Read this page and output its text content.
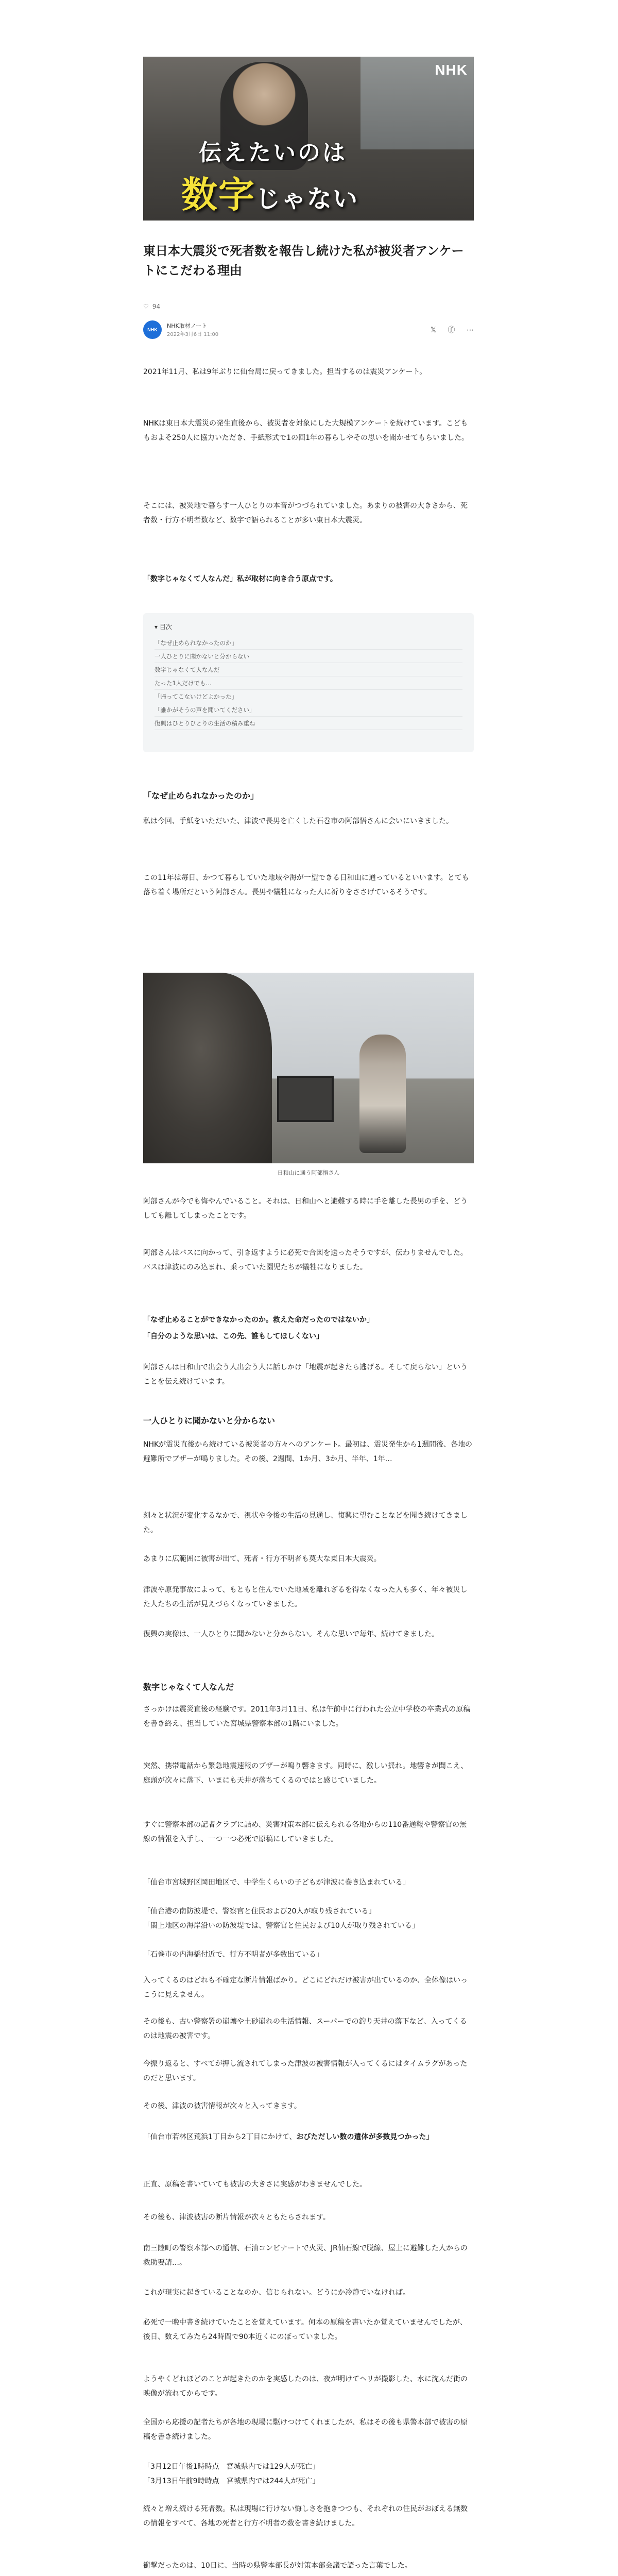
NHK
伝えたいのは
数字じゃない
東日本大震災で死者数を報告し続けた私が被災者アンケートにこだわる理由
♡ 94
NHK
NHK取材ノート
2022年3月6日 11:00
𝕏 ⓕ ⋯

2021年11月、私は9年ぶりに仙台局に戻ってきました。担当するのは震災アンケート。

NHKは東日本大震災の発生直後から、被災者を対象にした大規模アンケートを続けています。こどももおよそ250人に協力いただき、手紙形式で1の回1年の暮らしやその思いを聞かせてもらいました。

そこには、被災地で暮らす一人ひとりの本音がつづられていました。あまりの被害の大きさから、死者数・行方不明者数など、数字で語られることが多い東日本大震災。

「数字じゃなくて人なんだ」私が取材に向き合う原点です。

▾ 目次
「なぜ止められなかったのか」
一人ひとりに聞かないと分からない
数字じゃなくて人なんだ
たった1人だけでも…
「帰ってこないけどよかった」
「誰かがそうの声を聞いてください」
復興はひとりひとりの生活の積み重ね
「なぜ止められなかったのか」

私は今回、手紙をいただいた、津波で長男を亡くした石巻市の阿部悟さんに会いにいきました。

この11年は毎日、かつて暮らしていた地域や海が一望できる日和山に通っているといいます。とても落ち着く場所だという阿部さん。長男や犠牲になった人に祈りをささげているそうです。

日和山に通う阿部悟さん

阿部さんが今でも悔やんでいること。それは、日和山へと避難する時に手を離した長男の手を、どうしても離してしまったことです。

阿部さんはバスに向かって、引き返すように必死で合図を送ったそうですが、伝わりませんでした。バスは津波にのみ込まれ、乗っていた園児たちが犠牲になりました。

「なぜ止めることができなかったのか。救えた命だったのではないか」

「自分のような思いは、この先、誰もしてほしくない」

阿部さんは日和山で出会う人出会う人に話しかけ「地震が起きたら逃げる。そして戻らない」ということを伝え続けています。

一人ひとりに聞かないと分からない

NHKが震災直後から続けている被災者の方々へのアンケート。最初は、震災発生から1週間後、各地の避難所でブザーが鳴りました。その後、2週間、1か月、3か月、半年、1年…

刻々と状況が変化するなかで、視状や今後の生活の見通し、復興に望むことなどを聞き続けてきました。

あまりに広範囲に被害が出て、死者・行方不明者も莫大な東日本大震災。

津波や原発事故によって、もともと住んでいた地域を離れざるを得なくなった人も多く、年々被災した人たちの生活が見えづらくなっていきました。

復興の実像は、一人ひとりに聞かないと分からない。そんな思いで毎年、続けてきました。

数字じゃなくて人なんだ

さっかけは震災直後の経験です。2011年3月11日、私は午前中に行われた公立中学校の卒業式の原稿を書き終え、担当していた宮城県警察本部の1階にいました。

突然、携帯電話から緊急地震速報のブザーが鳴り響きます。同時に、激しい揺れ。地響きが聞こえ、庭頭が次々に落下、いまにも天井が落ちてくるのではと感じていました。

すぐに警察本部の記者クラブに詰め、災害対策本部に伝えられる各地からの110番通報や警察官の無線の情報を入手し、一つ一つ必死で原稿にしていきました。

「仙台市宮城野区岡田地区で、中学生くらいの子どもが津波に巻き込まれている」

「仙台港の南防波堤で、警察官と住民および20人が取り残されている」

「閖上地区の海岸沿いの防波堤では、警察官と住民および10人が取り残されている」

「石巻市の内海橋付近で、行方不明者が多数出ている」

入ってくるのはどれも不確定な断片情報ばかり。どこにどれだけ被害が出ているのか、全体像はいっこうに見えません。

その後も、古い警察署の崩壊や土砂崩れの生活情報、スーパーでの釣り天井の落下など、入ってくるのは地震の被害です。

今振り返ると、すべてが押し流されてしまった津波の被害情報が入ってくるにはタイムラグがあったのだと思います。

その後、津波の被害情報が次々と入ってきます。

「仙台市若林区荒浜1丁目から2丁目にかけて、おびただしい数の遺体が多数見つかった」

正直、原稿を書いていても被害の大きさに実感がわきませんでした。

その後も、津波被害の断片情報が次々ともたらされます。

南三陸町の警察本部への通信、石油コンビナートで火災、JR仙石線で脱線、屋上に避難した人からの救助要請…。

これが現実に起きていることなのか、信じられない。どうにか冷静でいなければ。

必死で一晩中書き続けていたことを覚えています。何本の原稿を書いたか覚えていませんでしたが、後日、数えてみたら24時間で90本近くにのぼっていました。

ようやくどれほどのことが起きたのかを実感したのは、夜が明けてヘリが撮影した、水に沈んだ街の映像が流れてからです。

全国から応援の記者たちが各地の現場に駆けつけてくれましたが、私はその後も県警本部で被害の原稿を書き続けました。

「3月12日午後1時時点　宮城県内では129人が死亡」

「3月13日午前9時時点　宮城県内では244人が死亡」

続々と増え続ける死者数。私は現場に行けない悔しさを抱きつつも、それぞれの住民がおぼえる無数の情報をすべて、各地の死者と行方不明者の数を書き続けました。

衝撃だったのは、10日に、当時の県警本部長が対策本部会議で語った言葉でした。
